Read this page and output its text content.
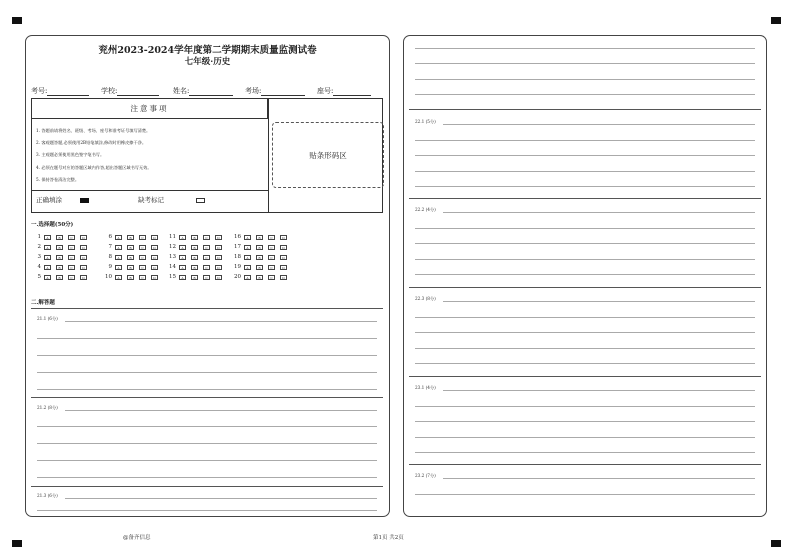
兖州2023-2024学年度第二学期期末质量监测试卷
七年级·历史
考号:	学校:	姓名:	考场:	座号:
注意事项
1. 答题前请将姓名、班级、考场、座号和准考证号填写清楚。
2. 客观题答题,必须使用2B铅笔填涂,修改时用橡皮擦干净。
3. 主观题必须使用黑色签字笔书写。
4. 必须在题号对应的答题区域内作答,超出答题区域书写无效。
5. 保持答卷清洁完整。
贴条形码区
正确填涂	缺考标记
一.选择题(50分)
1	A	B	C	D
2	A	B	C	D
3	A	B	C	D
4	A	B	C	D
5	A	B	C	D
6	A	B	C	D
7	A	B	C	D
8	A	B	C	D
9	A	B	C	D
10	A	B	C	D
11	A	B	C	D
12	A	B	C	D
13	A	B	C	D
14	A	B	C	D
15	A	B	C	D
16	A	B	C	D
17	A	B	C	D
18	A	B	C	D
19	A	B	C	D
20	A	B	C	D
二.解答题
21.1 (6分)
21.2 (8分)
21.3 (6分)
22.1 (5分)
22.2 (4分)
22.3 (8分)
23.1 (4分)
23.2 (7分)
@备齐信息	第1页 共2页
